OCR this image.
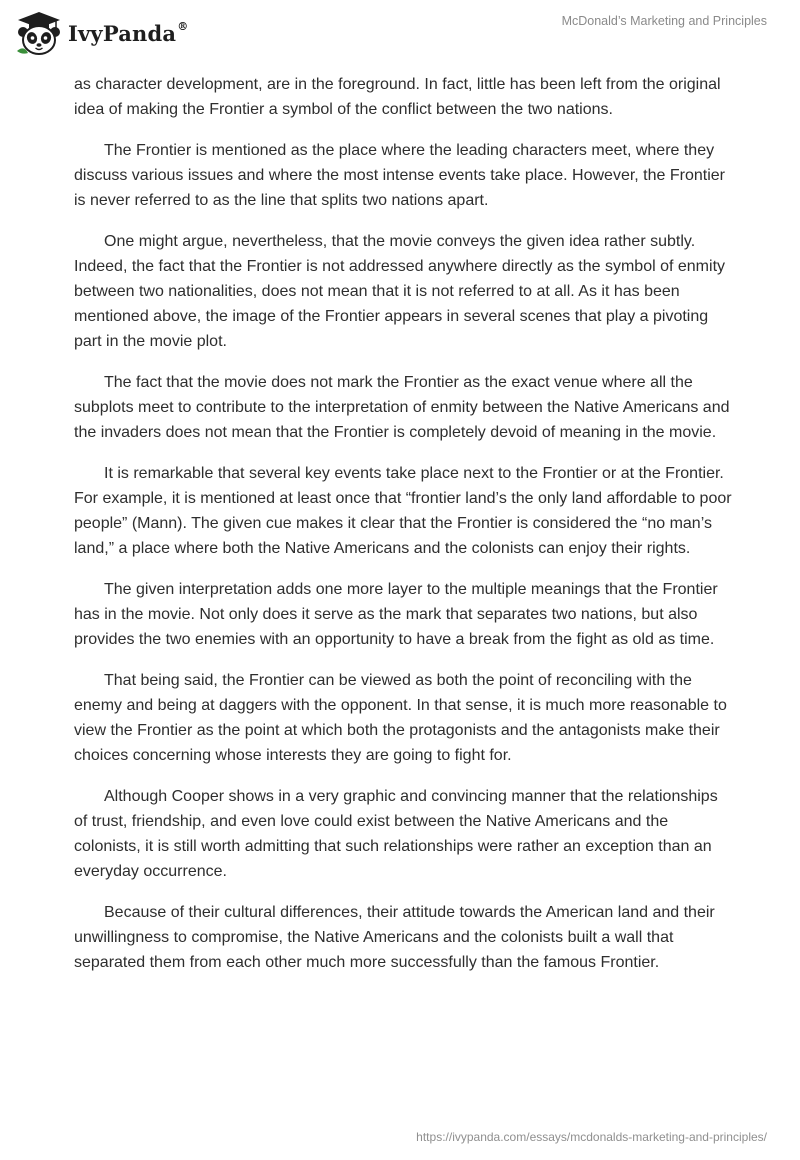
IvyPanda®	McDonald’s Marketing and Principles

as character development, are in the foreground. In fact, little has been left from the original idea of making the Frontier a symbol of the conflict between the two nations.

The Frontier is mentioned as the place where the leading characters meet, where they discuss various issues and where the most intense events take place. However, the Frontier is never referred to as the line that splits two nations apart.

One might argue, nevertheless, that the movie conveys the given idea rather subtly. Indeed, the fact that the Frontier is not addressed anywhere directly as the symbol of enmity between two nationalities, does not mean that it is not referred to at all. As it has been mentioned above, the image of the Frontier appears in several scenes that play a pivoting part in the movie plot.

The fact that the movie does not mark the Frontier as the exact venue where all the subplots meet to contribute to the interpretation of enmity between the Native Americans and the invaders does not mean that the Frontier is completely devoid of meaning in the movie.

It is remarkable that several key events take place next to the Frontier or at the Frontier. For example, it is mentioned at least once that “frontier land’s the only land affordable to poor people” (Mann). The given cue makes it clear that the Frontier is considered the “no man’s land,” a place where both the Native Americans and the colonists can enjoy their rights.

The given interpretation adds one more layer to the multiple meanings that the Frontier has in the movie. Not only does it serve as the mark that separates two nations, but also provides the two enemies with an opportunity to have a break from the fight as old as time.

That being said, the Frontier can be viewed as both the point of reconciling with the enemy and being at daggers with the opponent. In that sense, it is much more reasonable to view the Frontier as the point at which both the protagonists and the antagonists make their choices concerning whose interests they are going to fight for.

Although Cooper shows in a very graphic and convincing manner that the relationships of trust, friendship, and even love could exist between the Native Americans and the colonists, it is still worth admitting that such relationships were rather an exception than an everyday occurrence.

Because of their cultural differences, their attitude towards the American land and their unwillingness to compromise, the Native Americans and the colonists built a wall that separated them from each other much more successfully than the famous Frontier.

https://ivypanda.com/essays/mcdonalds-marketing-and-principles/
